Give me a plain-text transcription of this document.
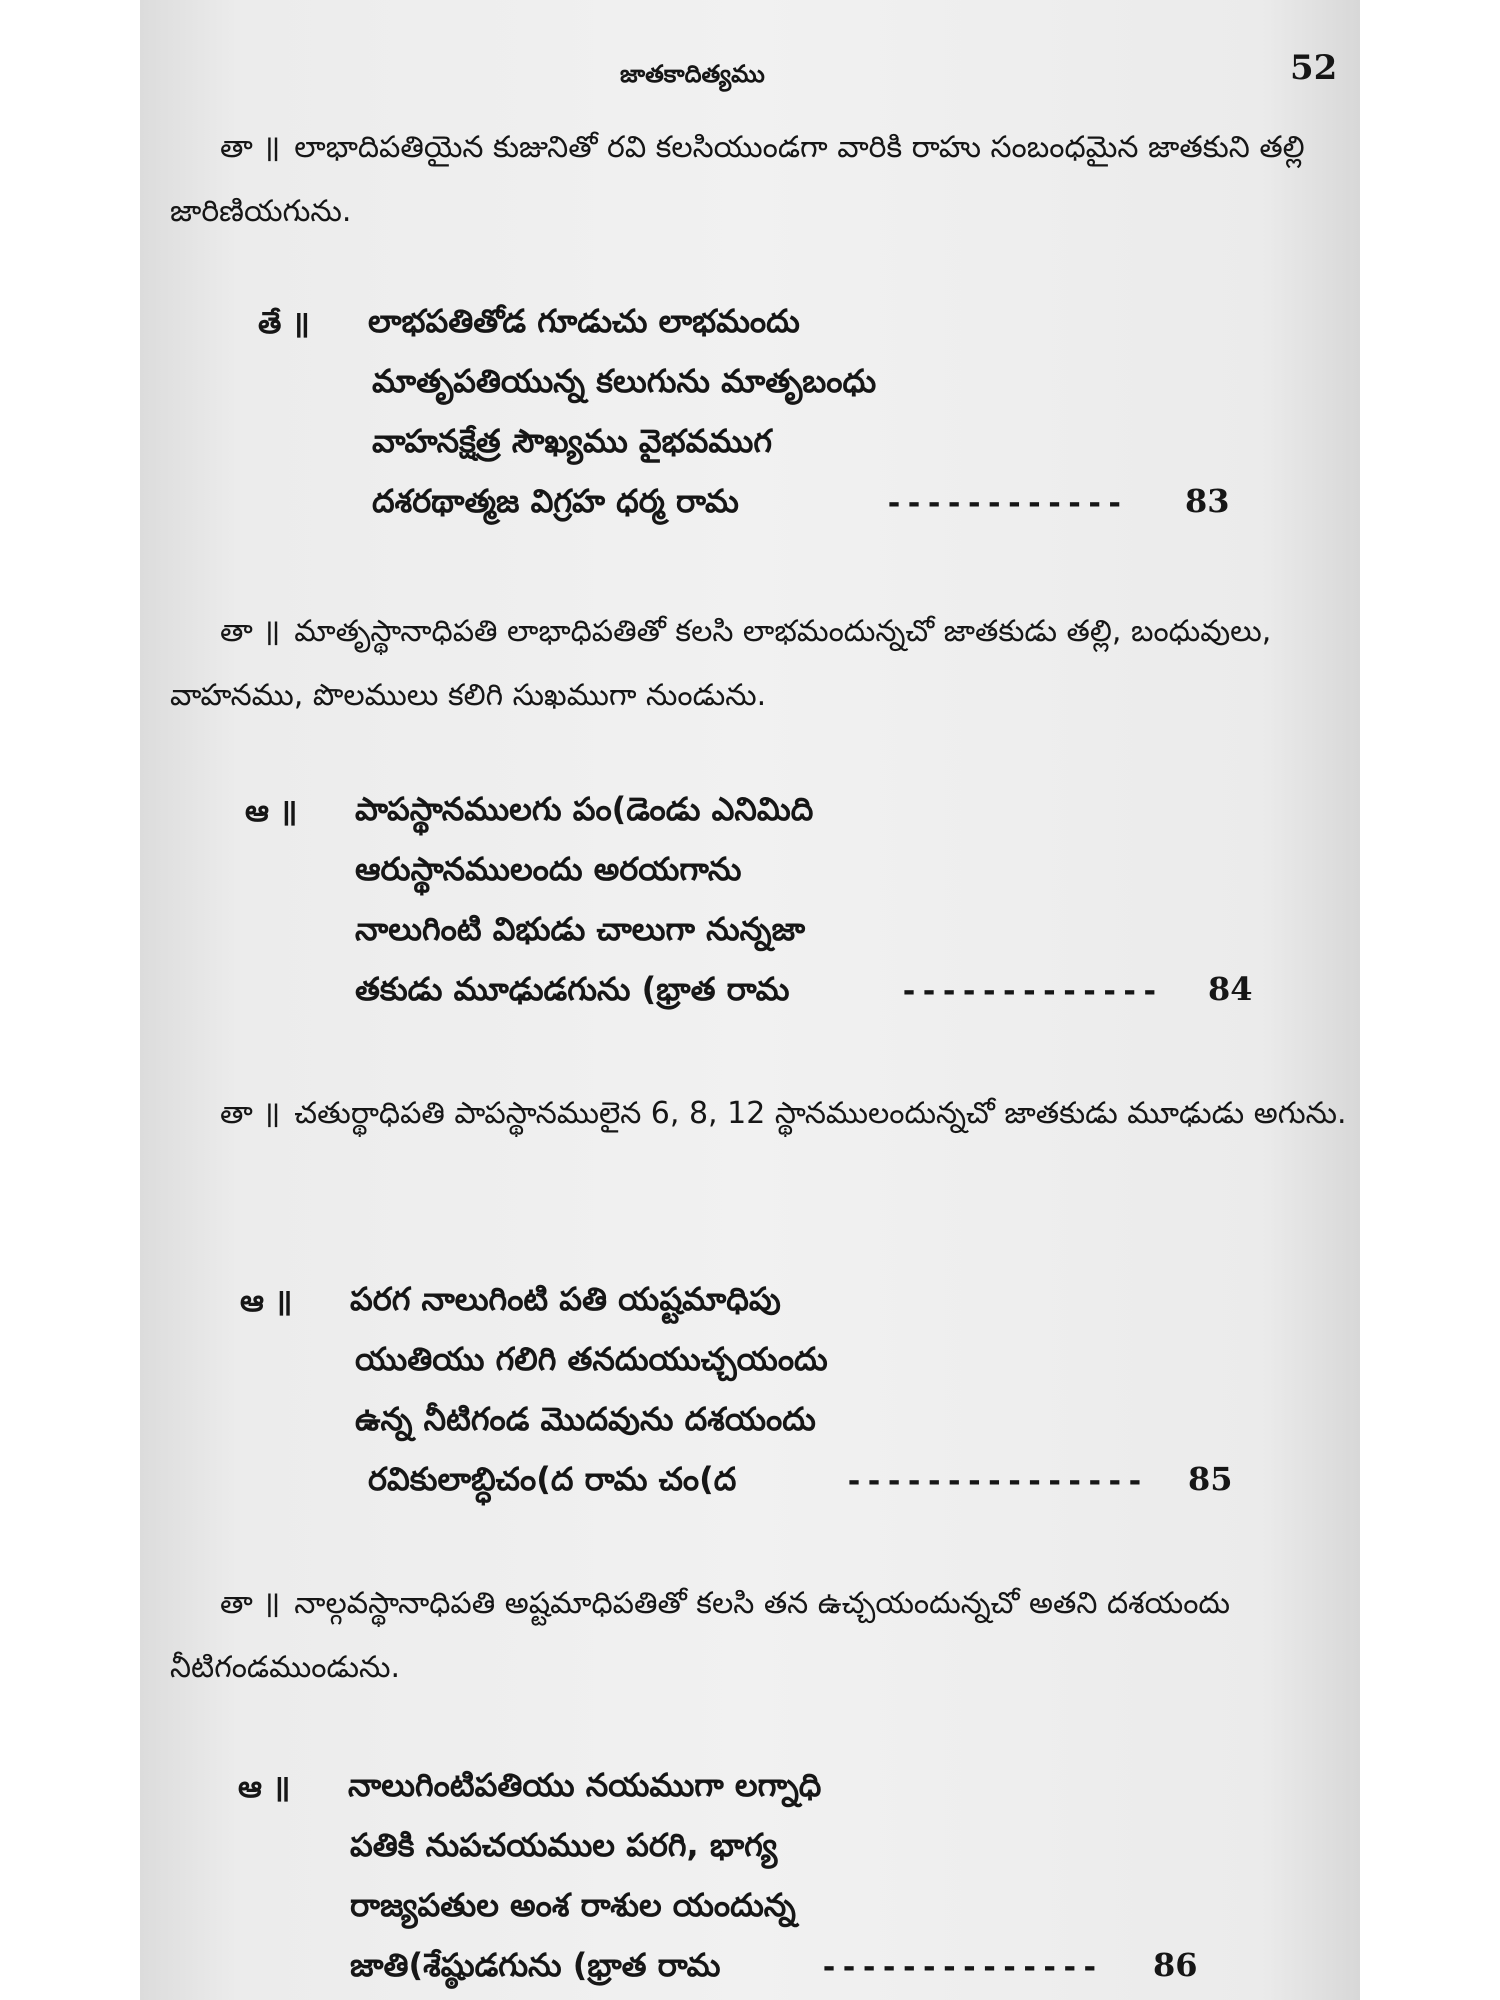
జాతకాదిత్యము	52

తా ॥ లాభాదిపతియైన కుజునితో రవి కలసియుండగా వారికి రాహు సంబంధమైన జాతకుని తల్లి జారిణియగును.

తే ॥ లాభపతితోడ గూడుచు లాభమందు
మాతృపతియున్న కలుగును మాతృబంధు
వాహనక్షేత్ర సౌఖ్యము వైభవముగ
దశరథాత్మజ విగ్రహ ధర్మ రామ	------------ 83

తా ॥ మాతృస్థానాధిపతి లాభాధిపతితో కలసి లాభమందున్నచో జాతకుడు తల్లి, బంధువులు, వాహనము, పొలములు కలిగి సుఖముగా నుండును.

ఆ ॥ పాపస్థానములగు పం(డెండు ఎనిమిది
ఆరుస్థానములందు అరయగాను
నాలుగింటి విభుడు చాలుగా నున్నజా
తకుడు మూఢుడగును (భ్రాత రామ	------------- 84

తా ॥ చతుర్థాధిపతి పాపస్థానములైన 6, 8, 12 స్థానములందున్నచో జాతకుడు మూఢుడు అగును.

ఆ ॥ పరగ నాలుగింటి పతి యష్టమాధిపు
యుతియు గలిగి తనదుయుచ్చయందు
ఉన్న నీటిగండ మొదవును దశయందు
రవికులాబ్ధిచం(ద రామ చం(ద	--------------- 85

తా ॥ నాల్గవస్థానాధిపతి అష్టమాధిపతితో కలసి తన ఉచ్చయందున్నచో అతని దశయందు నీటిగండముండును.

ఆ ॥ నాలుగింటిపతియు నయముగా లగ్నాధి
పతికి నుపచయముల పరగి, భాగ్య
రాజ్యపతుల అంశ రాశుల యందున్న
జాతి(శేష్ఠుడగును (భ్రాత రామ	-------------- 86
